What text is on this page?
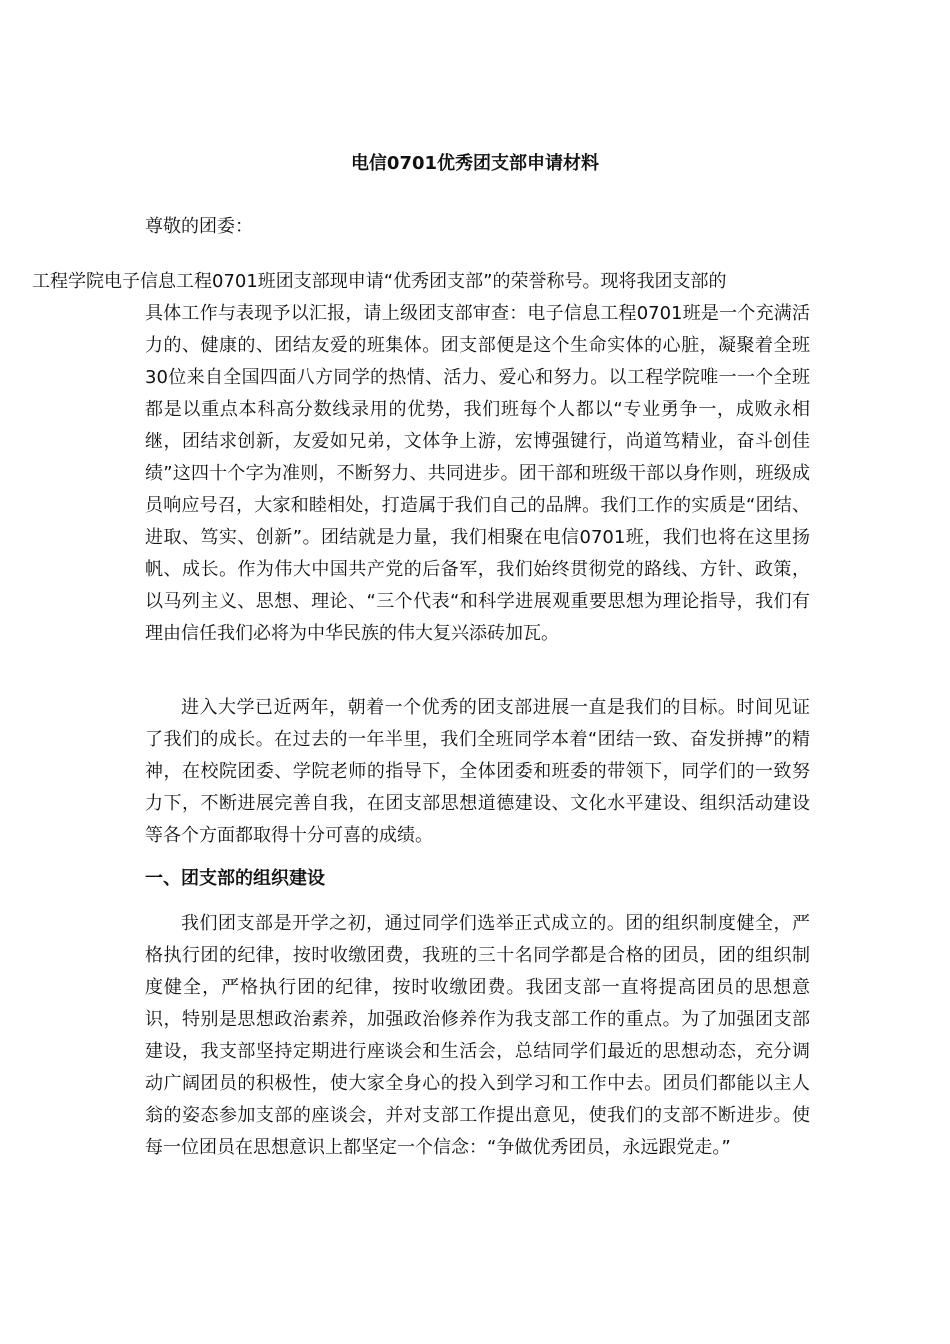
电信0701优秀团支部申请材料
尊敬的团委：
工程学院电子信息工程0701班团支部现申请“优秀团支部”的荣誉称号。现将我团支部的
具体工作与表现予以汇报，请上级团支部审查：电子信息工程0701班是一个充满活力的、健康的、团结友爱的班集体。团支部便是这个生命实体的心脏，凝聚着全班30位来自全国四面八方同学的热情、活力、爱心和努力。以工程学院唯一一个全班都是以重点本科高分数线录用的优势，我们班每个人都以“专业勇争一，成败永相继，团结求创新，友爱如兄弟，文体争上游，宏博强键行，尚道笃精业，奋斗创佳绩”这四十个字为准则，不断努力、共同进步。团干部和班级干部以身作则，班级成员响应号召，大家和睦相处，打造属于我们自己的品牌。我们工作的实质是“团结、进取、笃实、创新”。团结就是力量，我们相聚在电信0701班，我们也将在这里扬帆、成长。作为伟大中国共产党的后备军，我们始终贯彻党的路线、方针、政策，以马列主义、思想、理论、“三个代表“和科学进展观重要思想为理论指导，我们有理由信任我们必将为中华民族的伟大复兴添砖加瓦。
进入大学已近两年，朝着一个优秀的团支部进展一直是我们的目标。时间见证了我们的成长。在过去的一年半里，我们全班同学本着“团结一致、奋发拼搏”的精神，在校院团委、学院老师的指导下，全体团委和班委的带领下，同学们的一致努力下，不断进展完善自我，在团支部思想道德建设、文化水平建设、组织活动建设等各个方面都取得十分可喜的成绩。
一、团支部的组织建设
我们团支部是开学之初，通过同学们选举正式成立的。团的组织制度健全，严格执行团的纪律，按时收缴团费，我班的三十名同学都是合格的团员，团的组织制度健全，严格执行团的纪律，按时收缴团费。我团支部一直将提高团员的思想意识，特别是思想政治素养，加强政治修养作为我支部工作的重点。为了加强团支部建设，我支部坚持定期进行座谈会和生活会，总结同学们最近的思想动态，充分调动广阔团员的积极性，使大家全身心的投入到学习和工作中去。团员们都能以主人翁的姿态参加支部的座谈会，并对支部工作提出意见，使我们的支部不断进步。使每一位团员在思想意识上都坚定一个信念：“争做优秀团员，永远跟党走。”
